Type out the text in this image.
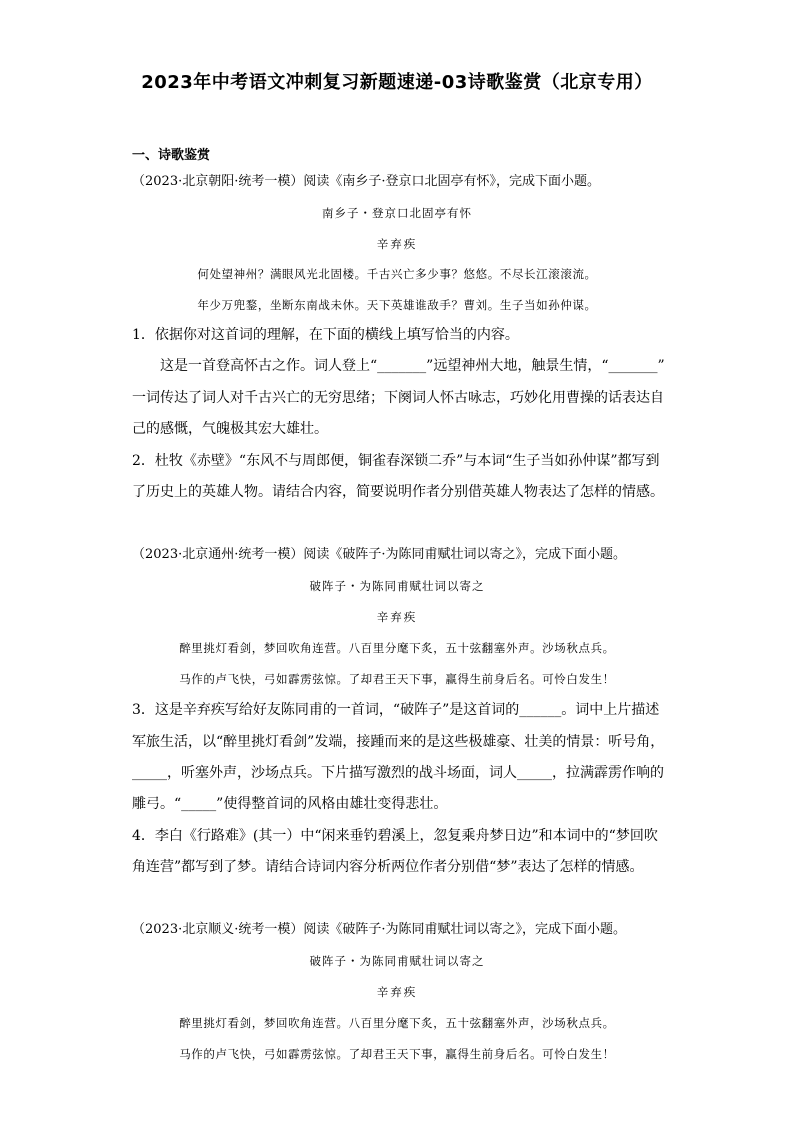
2023年中考语文冲刺复习新题速递-03诗歌鉴赏（北京专用）
一、诗歌鉴赏
（2023·北京朝阳·统考一模）阅读《南乡子·登京口北固亭有怀》，完成下面小题。
南乡子・登京口北固亭有怀
辛弃疾
何处望神州？满眼风光北固楼。千古兴亡多少事？悠悠。不尽长江滚滚流。
年少万兜鍪，坐断东南战未休。天下英雄谁敌手？曹刘。生子当如孙仲谋。
1．依据你对这首词的理解，在下面的横线上填写恰当的内容。
这是一首登高怀古之作。词人登上“_______”远望神州大地，触景生情，“_______”
一词传达了词人对千古兴亡的无穷思绪；下阕词人怀古咏志，巧妙化用曹操的话表达自
己的感慨，气魄极其宏大雄壮。
2．杜牧《赤壁》“东风不与周郎便，铜雀春深锁二乔”与本词“生子当如孙仲谋”都写到
了历史上的英雄人物。请结合内容，简要说明作者分别借英雄人物表达了怎样的情感。
（2023·北京通州·统考一模）阅读《破阵子·为陈同甫赋壮词以寄之》，完成下面小题。
破阵子・为陈同甫赋壮词以寄之
辛弃疾
醉里挑灯看剑，梦回吹角连营。八百里分麾下炙，五十弦翻塞外声。沙场秋点兵。
马作的卢飞快，弓如霹雳弦惊。了却君王天下事，赢得生前身后名。可怜白发生！
3．这是辛弃疾写给好友陈同甫的一首词，“破阵子”是这首词的______。词中上片描述
军旅生活，以“醉里挑灯看剑”发端，接踵而来的是这些极雄豪、壮美的情景：听号角，
_____，听塞外声，沙场点兵。下片描写激烈的战斗场面，词人_____，拉满霹雳作响的
雕弓。“_____”使得整首词的风格由雄壮变得悲壮。
4．李白《行路难》(其一）中“闲来垂钓碧溪上，忽复乘舟梦日边”和本词中的“梦回吹
角连营”都写到了梦。请结合诗词内容分析两位作者分别借“梦”表达了怎样的情感。
（2023·北京顺义·统考一模）阅读《破阵子·为陈同甫赋壮词以寄之》，完成下面小题。
破阵子・为陈同甫赋壮词以寄之
辛弃疾
醉里挑灯看剑，梦回吹角连营。八百里分麾下炙，五十弦翻塞外声，沙场秋点兵。
马作的卢飞快，弓如霹雳弦惊。了却君王天下事，赢得生前身后名。可怜白发生！
